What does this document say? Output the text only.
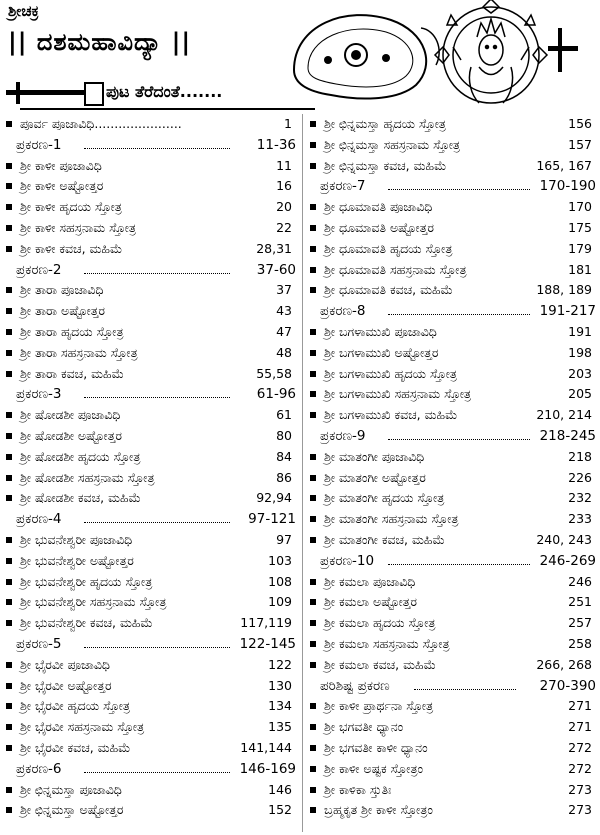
ಶ್ರೀಚಕ್ರ
|| ದಶಮಹಾವಿದ್ಯಾ ||
ಪುಟ ತೆರೆದಂತೆ.......
ಪೂರ್ವ ಪೂಜಾವಿಧಿ......................	1
ಪ್ರಕರಣ-1	11-36
ಶ್ರೀ ಕಾಳೀ ಪೂಜಾವಿಧಿ	11
ಶ್ರೀ ಕಾಳೀ ಅಷ್ಟೋತ್ತರ	16
ಶ್ರೀ ಕಾಳೀ ಹೃದಯ ಸ್ತೋತ್ರ	20
ಶ್ರೀ ಕಾಳೀ ಸಹಸ್ರನಾಮ ಸ್ತೋತ್ರ	22
ಶ್ರೀ ಕಾಳೀ ಕವಚ, ಮಹಿಮೆ	28,31
ಪ್ರಕರಣ-2	37-60
ಶ್ರೀ ತಾರಾ ಪೂಜಾವಿಧಿ	37
ಶ್ರೀ ತಾರಾ ಅಷ್ಟೋತ್ತರ	43
ಶ್ರೀ ತಾರಾ ಹೃದಯ ಸ್ತೋತ್ರ	47
ಶ್ರೀ ತಾರಾ ಸಹಸ್ರನಾಮ ಸ್ತೋತ್ರ	48
ಶ್ರೀ ತಾರಾ ಕವಚ, ಮಹಿಮೆ	55,58
ಪ್ರಕರಣ-3	61-96
ಶ್ರೀ ಷೋಡಶೀ ಪೂಜಾವಿಧಿ	61
ಶ್ರೀ ಷೋಡಶೀ ಅಷ್ಟೋತ್ತರ	80
ಶ್ರೀ ಷೋಡಶೀ ಹೃದಯ ಸ್ತೋತ್ರ	84
ಶ್ರೀ ಷೋಡಶೀ ಸಹಸ್ರನಾಮ ಸ್ತೋತ್ರ	86
ಶ್ರೀ ಷೋಡಶೀ ಕವಚ, ಮಹಿಮೆ	92,94
ಪ್ರಕರಣ-4	97-121
ಶ್ರೀ ಭುವನೇಶ್ವರೀ ಪೂಜಾವಿಧಿ	97
ಶ್ರೀ ಭುವನೇಶ್ವರೀ ಅಷ್ಟೋತ್ತರ	103
ಶ್ರೀ ಭುವನೇಶ್ವರೀ ಹೃದಯ ಸ್ತೋತ್ರ	108
ಶ್ರೀ ಭುವನೇಶ್ವರೀ ಸಹಸ್ರನಾಮ ಸ್ತೋತ್ರ	109
ಶ್ರೀ ಭುವನೇಶ್ವರೀ ಕವಚ, ಮಹಿಮೆ	117,119
ಪ್ರಕರಣ-5	122-145
ಶ್ರೀ ಭೈರವೀ ಪೂಜಾವಿಧಿ	122
ಶ್ರೀ ಭೈರವೀ ಅಷ್ಟೋತ್ತರ	130
ಶ್ರೀ ಭೈರವೀ ಹೃದಯ ಸ್ತೋತ್ರ	134
ಶ್ರೀ ಭೈರವೀ ಸಹಸ್ರನಾಮ ಸ್ತೋತ್ರ	135
ಶ್ರೀ ಭೈರವೀ ಕವಚ, ಮಹಿಮೆ	141,144
ಪ್ರಕರಣ-6	146-169
ಶ್ರೀ ಛಿನ್ನಮಸ್ತಾ ಪೂಜಾವಿಧಿ	146
ಶ್ರೀ ಛಿನ್ನಮಸ್ತಾ ಅಷ್ಟೋತ್ತರ	152
ಶ್ರೀ ಛಿನ್ನಮಸ್ತಾ ಹೃದಯ ಸ್ತೋತ್ರ	156
ಶ್ರೀ ಛಿನ್ನಮಸ್ತಾ ಸಹಸ್ರನಾಮ ಸ್ತೋತ್ರ	157
ಶ್ರೀ ಛಿನ್ನಮಸ್ತಾ ಕವಚ, ಮಹಿಮೆ	165, 167
ಪ್ರಕರಣ-7	170-190
ಶ್ರೀ ಧೂಮಾವತಿ ಪೂಜಾವಿಧಿ	170
ಶ್ರೀ ಧೂಮಾವತಿ ಅಷ್ಟೋತ್ತರ	175
ಶ್ರೀ ಧೂಮಾವತಿ ಹೃದಯ ಸ್ತೋತ್ರ	179
ಶ್ರೀ ಧೂಮಾವತಿ ಸಹಸ್ರನಾಮ ಸ್ತೋತ್ರ	181
ಶ್ರೀ ಧೂಮಾವತಿ ಕವಚ, ಮಹಿಮೆ	188, 189
ಪ್ರಕರಣ-8	191-217
ಶ್ರೀ ಬಗಳಾಮುಖಿ ಪೂಜಾವಿಧಿ	191
ಶ್ರೀ ಬಗಳಾಮುಖಿ ಅಷ್ಟೋತ್ತರ	198
ಶ್ರೀ ಬಗಳಾಮುಖಿ ಹೃದಯ ಸ್ತೋತ್ರ	203
ಶ್ರೀ ಬಗಳಾಮುಖಿ ಸಹಸ್ರನಾಮ ಸ್ತೋತ್ರ	205
ಶ್ರೀ ಬಗಳಾಮುಖಿ ಕವಚ, ಮಹಿಮೆ	210, 214
ಪ್ರಕರಣ-9	218-245
ಶ್ರೀ ಮಾತಂಗೀ ಪೂಜಾವಿಧಿ	218
ಶ್ರೀ ಮಾತಂಗೀ ಅಷ್ಟೋತ್ತರ	226
ಶ್ರೀ ಮಾತಂಗೀ ಹೃದಯ ಸ್ತೋತ್ರ	232
ಶ್ರೀ ಮಾತಂಗೀ ಸಹಸ್ರನಾಮ ಸ್ತೋತ್ರ	233
ಶ್ರೀ ಮಾತಂಗೀ ಕವಚ, ಮಹಿಮೆ	240, 243
ಪ್ರಕರಣ-10	246-269
ಶ್ರೀ ಕಮಲಾ ಪೂಜಾವಿಧಿ	246
ಶ್ರೀ ಕಮಲಾ ಅಷ್ಟೋತ್ತರ	251
ಶ್ರೀ ಕಮಲಾ ಹೃದಯ ಸ್ತೋತ್ರ	257
ಶ್ರೀ ಕಮಲಾ ಸಹಸ್ರನಾಮ ಸ್ತೋತ್ರ	258
ಶ್ರೀ ಕಮಲಾ ಕವಚ, ಮಹಿಮೆ	266, 268
ಪರಿಶಿಷ್ಟ ಪ್ರಕರಣ	270-390
ಶ್ರೀ ಕಾಳೀ ಪ್ರಾರ್ಥನಾ ಸ್ತೋತ್ರ	271
ಶ್ರೀ ಭಗವತೀ ಧ್ಯಾನಂ	271
ಶ್ರೀ ಭಗವತೀ ಕಾಳೀ ಧ್ಯಾನಂ	272
ಶ್ರೀ ಕಾಳೀ ಅಷ್ಟಕ ಸ್ತೋತ್ರಂ	272
ಶ್ರೀ ಕಾಳಿಕಾ ಸ್ತುತಿಃ	273
ಬ್ರಹ್ಮಕೃತ ಶ್ರೀ ಕಾಳೀ ಸ್ತೋತ್ರಂ	273
